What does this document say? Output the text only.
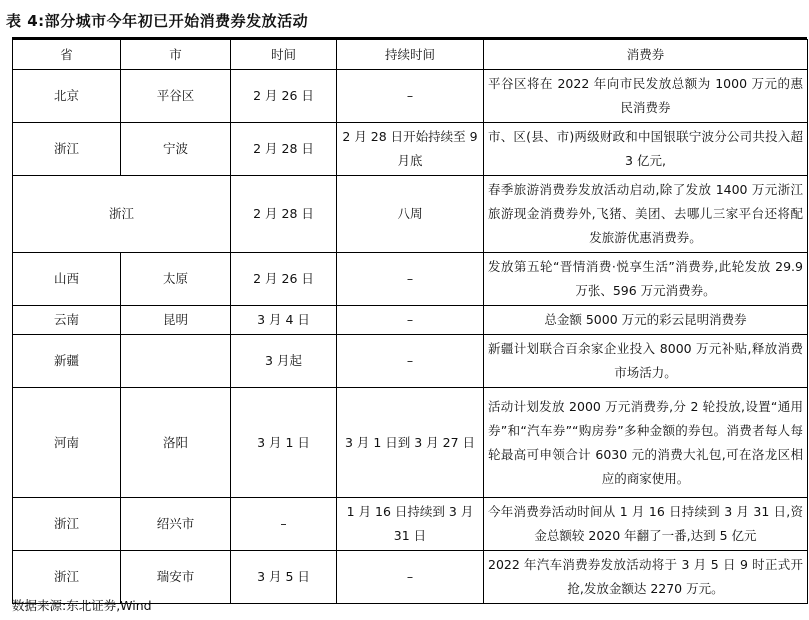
表 4:部分城市今年初已开始消费券发放活动
省	市	时间	持续时间	消费券
北京	平谷区	2 月 26 日	–	平谷区将在 2022 年向市民发放总额为 1000 万元的惠民消费券
浙江	宁波	2 月 28 日	2 月 28 日开始持续至 9 月底	市、区(县、市)两级财政和中国银联宁波分公司共投入超 3 亿元,
浙江		2 月 28 日	八周	春季旅游消费券发放活动启动,除了发放 1400 万元浙江旅游现金消费券外,飞猪、美团、去哪儿三家平台还将配发旅游优惠消费券。
山西	太原	2 月 26 日	–	发放第五轮“晋情消费·悦享生活”消费券,此轮发放 29.9 万张、596 万元消费券。
云南	昆明	3 月 4 日	–	总金额 5000 万元的彩云昆明消费券
新疆		3 月起	–	新疆计划联合百余家企业投入 8000 万元补贴,释放消费市场活力。
河南	洛阳	3 月 1 日	3 月 1 日到 3 月 27 日	活动计划发放 2000 万元消费券,分 2 轮投放,设置“通用券”和“汽车券”“购房券”多种金额的券包。消费者每人每轮最高可申领合计 6030 元的消费大礼包,可在洛龙区相应的商家使用。
浙江	绍兴市	–	1 月 16 日持续到 3 月 31 日	今年消费券活动时间从 1 月 16 日持续到 3 月 31 日,资金总额较 2020 年翻了一番,达到 5 亿元
浙江	瑞安市	3 月 5 日	–	2022 年汽车消费券发放活动将于 3 月 5 日 9 时正式开抢,发放金额达 2270 万元。
数据来源:东北证券,Wind
